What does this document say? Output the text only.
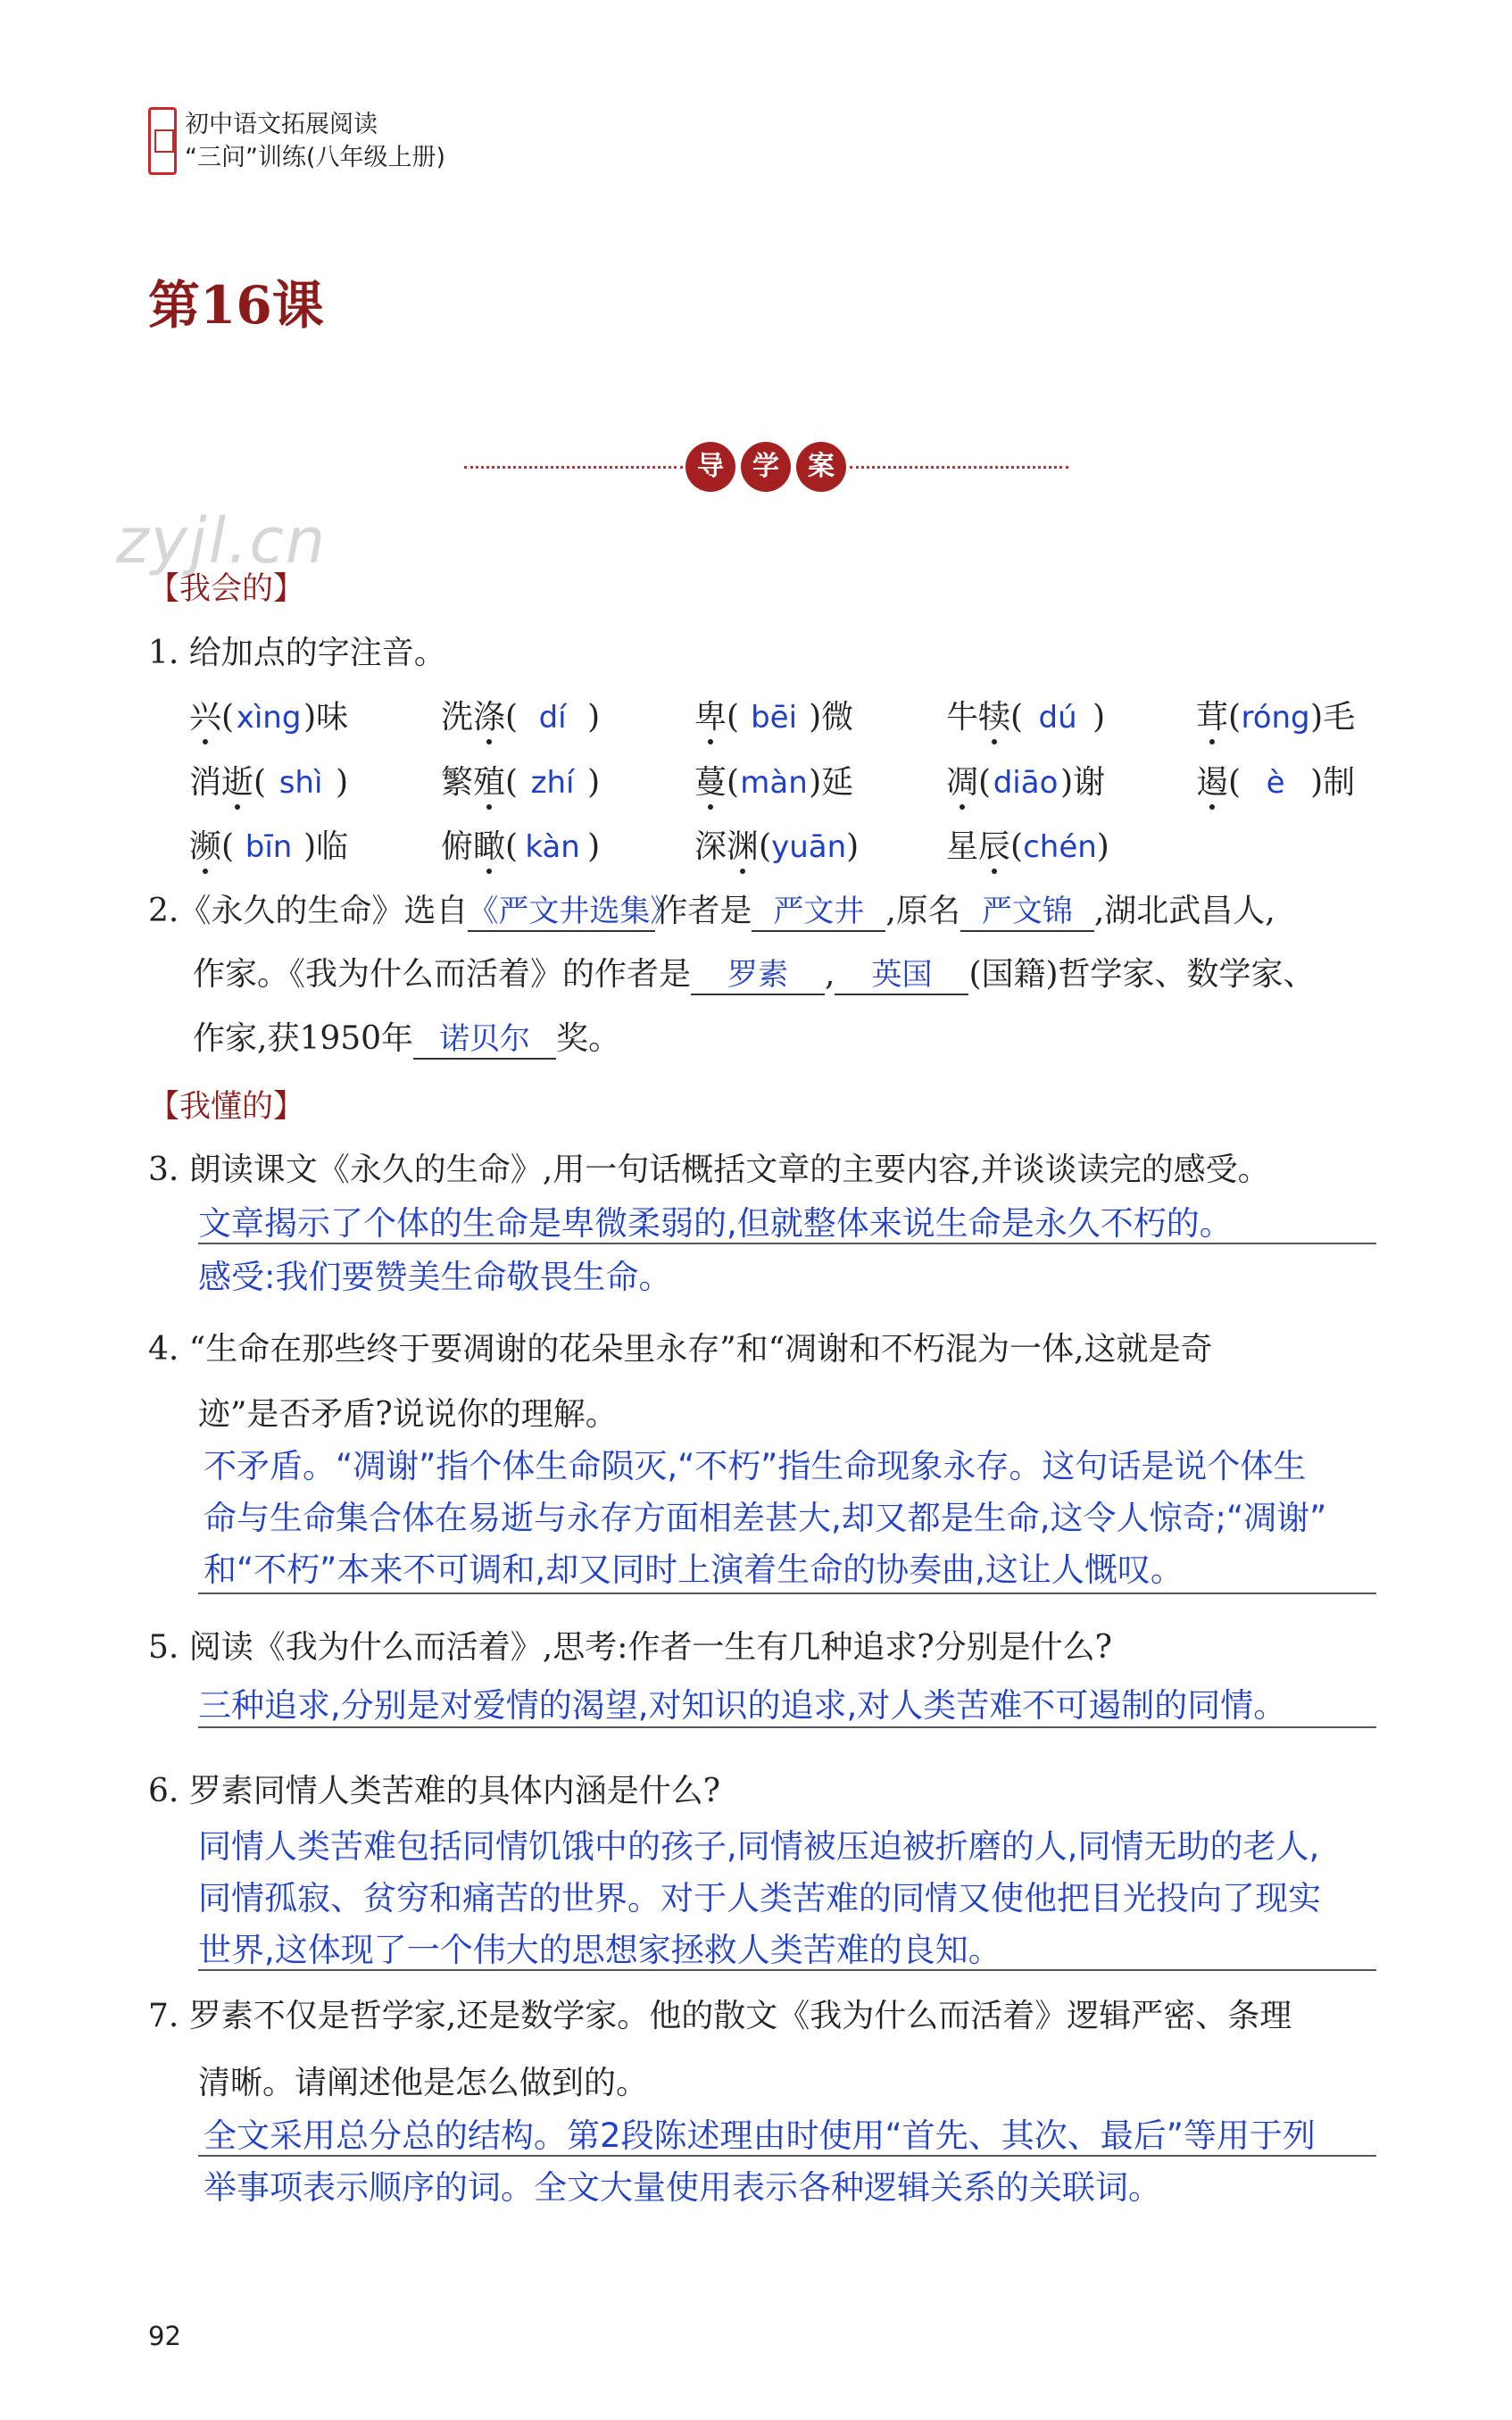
初中语文拓展阅读
“三问”训练(八年级上册)
第16课
导	学	案
zyjl.cn
【我会的】
1. 给加点的字注音。
兴(xìng)味	洗涤( dí )	卑( bēi )微	牛犊( dú )	茸(róng)毛
消逝( shì )	繁殖( zhí )	蔓(màn)延	凋(diāo)谢	遏( è )制
濒( bīn )临	俯瞰( kàn )	深渊(yuān)	星辰(chén)
2.《永久的生命》选自《严文井选集》作者是 严文井 ,原名 严文锦 ,湖北武昌人,
作家。《我为什么而活着》的作者是 罗素 , 英国 (国籍)哲学家、数学家、
作家,获1950年 诺贝尔 奖。
【我懂的】
3. 朗读课文《永久的生命》,用一句话概括文章的主要内容,并谈谈读完的感受。
文章揭示了个体的生命是卑微柔弱的,但就整体来说生命是永久不朽的。
感受:我们要赞美生命敬畏生命。
4. “生命在那些终于要凋谢的花朵里永存”和“凋谢和不朽混为一体,这就是奇
迹”是否矛盾?说说你的理解。
不矛盾。“凋谢”指个体生命陨灭,“不朽”指生命现象永存。这句话是说个体生
命与生命集合体在易逝与永存方面相差甚大,却又都是生命,这令人惊奇;“凋谢”
和“不朽”本来不可调和,却又同时上演着生命的协奏曲,这让人慨叹。
5. 阅读《我为什么而活着》,思考:作者一生有几种追求?分别是什么?
三种追求,分别是对爱情的渴望,对知识的追求,对人类苦难不可遏制的同情。
6. 罗素同情人类苦难的具体内涵是什么?
同情人类苦难包括同情饥饿中的孩子,同情被压迫被折磨的人,同情无助的老人,
同情孤寂、贫穷和痛苦的世界。对于人类苦难的同情又使他把目光投向了现实
世界,这体现了一个伟大的思想家拯救人类苦难的良知。
7. 罗素不仅是哲学家,还是数学家。他的散文《我为什么而活着》逻辑严密、条理
清晰。请阐述他是怎么做到的。
全文采用总分总的结构。第2段陈述理由时使用“首先、其次、最后”等用于列
举事项表示顺序的词。全文大量使用表示各种逻辑关系的关联词。
92
